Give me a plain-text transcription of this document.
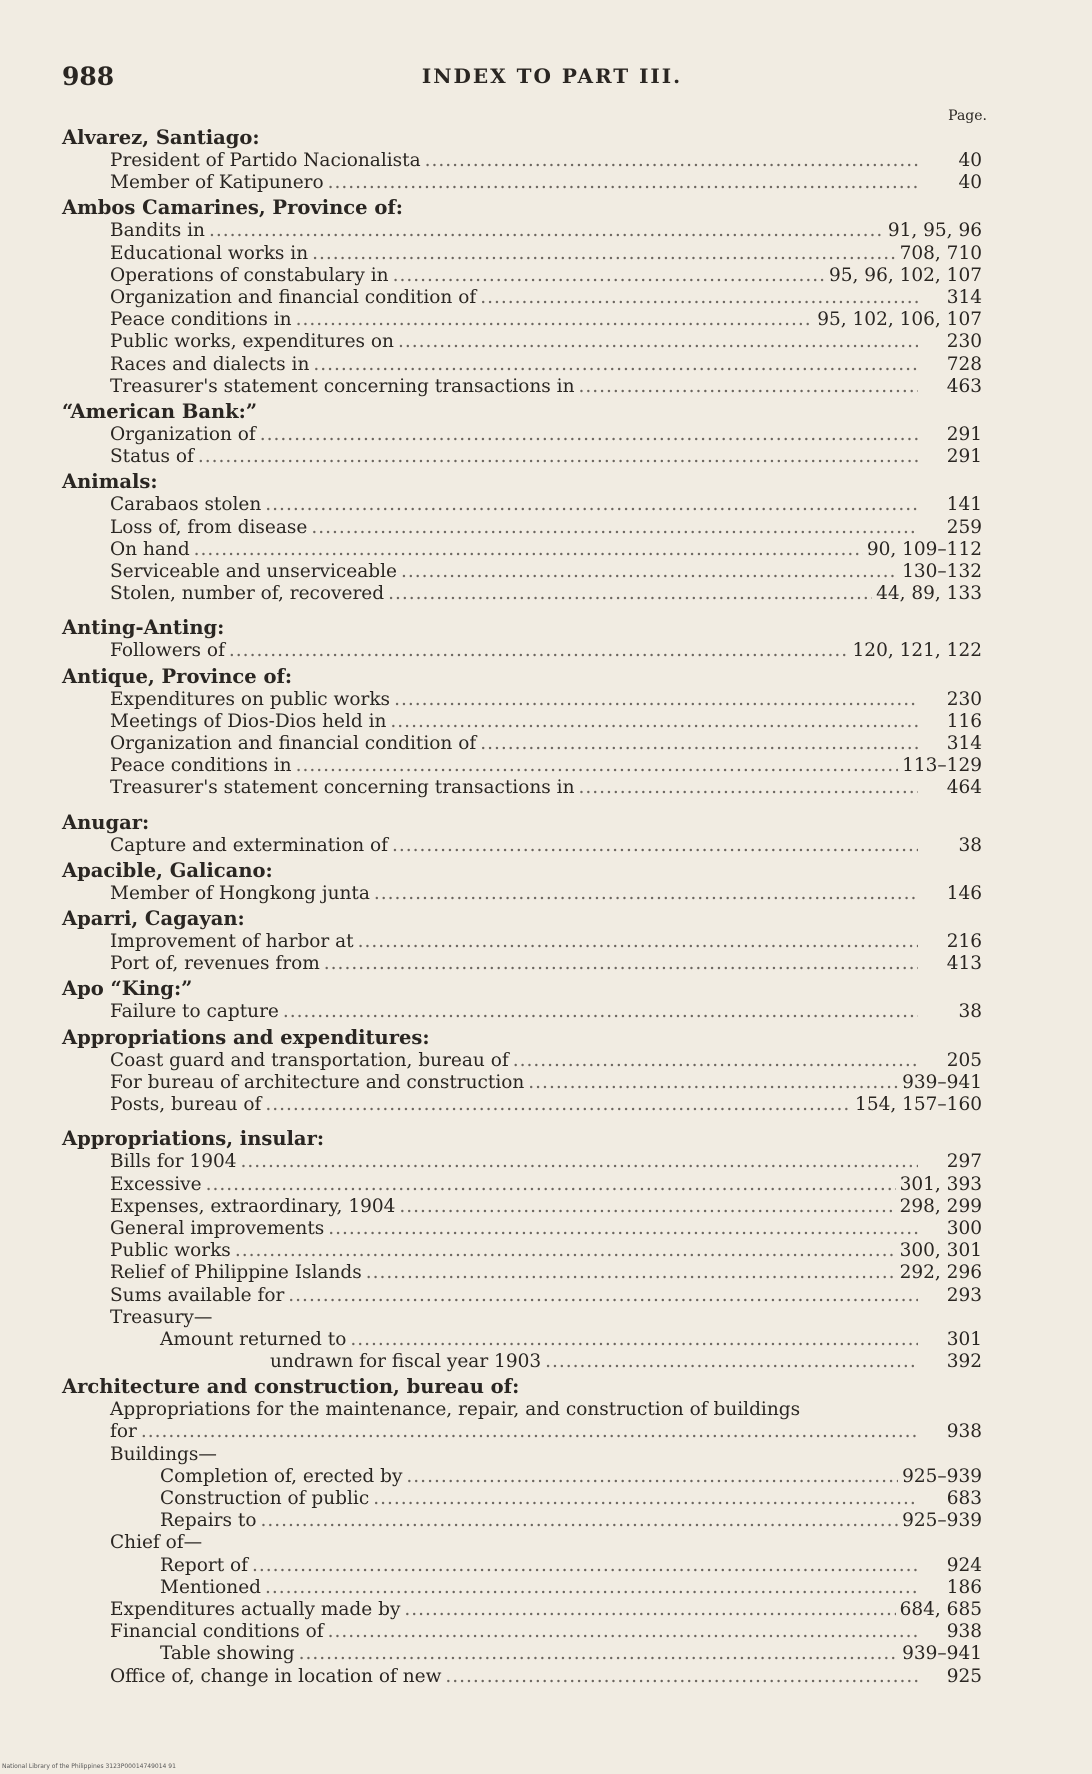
988	INDEX TO PART III.
Page.
Alvarez, Santiago:
President of Partido Nacionalista .....	40
Member of Katipunero .....	40
Ambos Camarines, Province of:
Bandits in .....	91, 95, 96
Educational works in .....	708, 710
Operations of constabulary in .....	95, 96, 102, 107
Organization and financial condition of .....	314
Peace conditions in .....	95, 102, 106, 107
Public works, expenditures on .....	230
Races and dialects in .....	728
Treasurer's statement concerning transactions in .....	463
“American Bank:”
Organization of .....	291
Status of .....	291
Animals:
Carabaos stolen .....	141
Loss of, from disease .....	259
On hand .....	90, 109–112
Serviceable and unserviceable .....	130–132
Stolen, number of, recovered .....	44, 89, 133
Anting-Anting:
Followers of .....	120, 121, 122
Antique, Province of:
Expenditures on public works .....	230
Meetings of Dios-Dios held in .....	116
Organization and financial condition of .....	314
Peace conditions in .....	113–129
Treasurer's statement concerning transactions in .....	464
Anugar:
Capture and extermination of .....	38
Apacible, Galicano:
Member of Hongkong junta .....	146
Aparri, Cagayan:
Improvement of harbor at .....	216
Port of, revenues from .....	413
Apo “King:”
Failure to capture .....	38
Appropriations and expenditures:
Coast guard and transportation, bureau of .....	205
For bureau of architecture and construction .....	939–941
Posts, bureau of .....	154, 157–160
Appropriations, insular:
Bills for 1904 .....	297
Excessive .....	301, 393
Expenses, extraordinary, 1904 .....	298, 299
General improvements .....	300
Public works .....	300, 301
Relief of Philippine Islands .....	292, 296
Sums available for .....	293
Treasury—
Amount returned to .....	301
undrawn for fiscal year 1903 .....	392
Architecture and construction, bureau of:
Appropriations for the maintenance, repair, and construction of buildings
for .....	938
Buildings—
Completion of, erected by .....	925–939
Construction of public .....	683
Repairs to .....	925–939
Chief of—
Report of .....	924
Mentioned .....	186
Expenditures actually made by .....	684, 685
Financial conditions of .....	938
Table showing .....	939–941
Office of, change in location of new .....	925
National Library of the Philippines 3123P00014749014 91
